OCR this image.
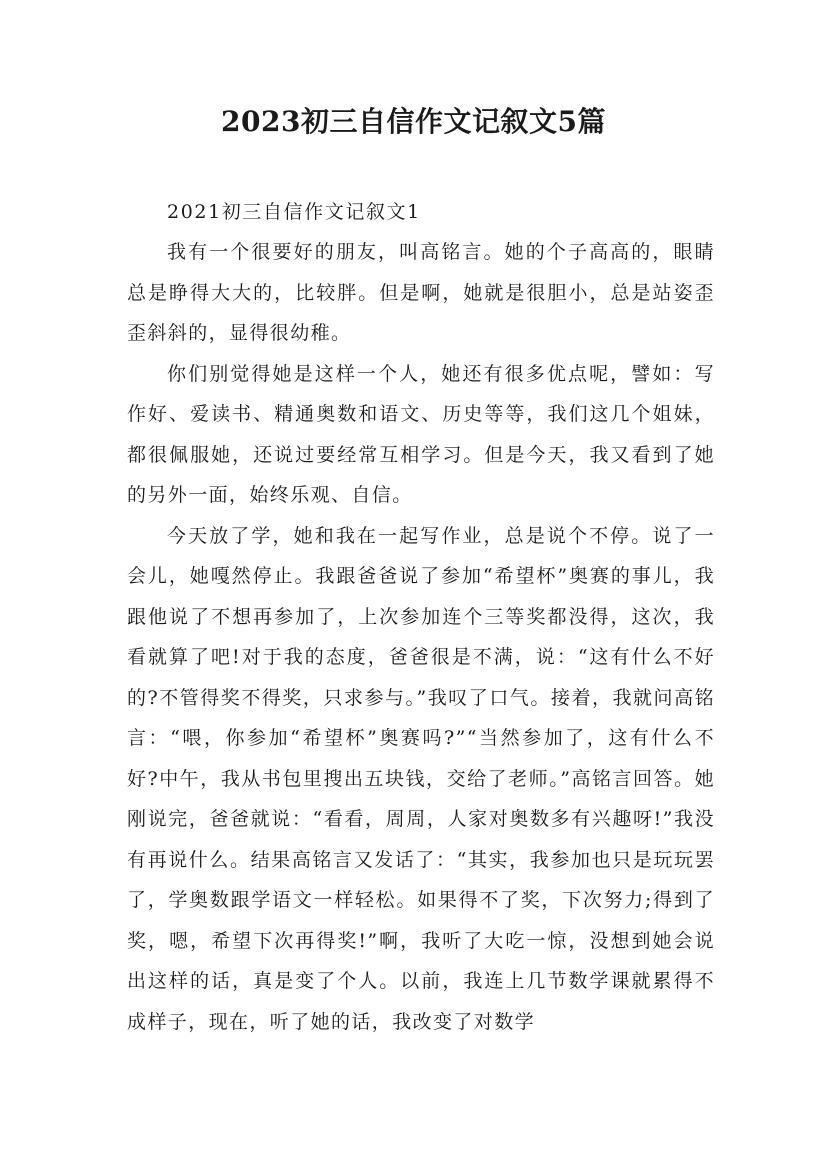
2023初三自信作文记叙文5篇

2021初三自信作文记叙文1

我有一个很要好的朋友，叫高铭言。她的个子高高的，眼睛总是睁得大大的，比较胖。但是啊，她就是很胆小，总是站姿歪歪斜斜的，显得很幼稚。

你们别觉得她是这样一个人，她还有很多优点呢，譬如：写作好、爱读书、精通奥数和语文、历史等等，我们这几个姐妹，都很佩服她，还说过要经常互相学习。但是今天，我又看到了她的另外一面，始终乐观、自信。

今天放了学，她和我在一起写作业，总是说个不停。说了一会儿，她嘎然停止。我跟爸爸说了参加“希望杯”奥赛的事儿，我跟他说了不想再参加了，上次参加连个三等奖都没得，这次，我看就算了吧!对于我的态度，爸爸很是不满，说：“这有什么不好的?不管得奖不得奖，只求参与。”我叹了口气。接着，我就问高铭言：“喂，你参加“希望杯”奥赛吗?”“当然参加了，这有什么不好?中午，我从书包里搜出五块钱，交给了老师。”高铭言回答。她刚说完，爸爸就说：“看看，周周，人家对奥数多有兴趣呀!”我没有再说什么。结果高铭言又发话了：“其实，我参加也只是玩玩罢了，学奥数跟学语文一样轻松。如果得不了奖，下次努力;得到了奖，嗯，希望下次再得奖!”啊，我听了大吃一惊，没想到她会说出这样的话，真是变了个人。以前，我连上几节数学课就累得不成样子，现在，听了她的话，我改变了对数学
